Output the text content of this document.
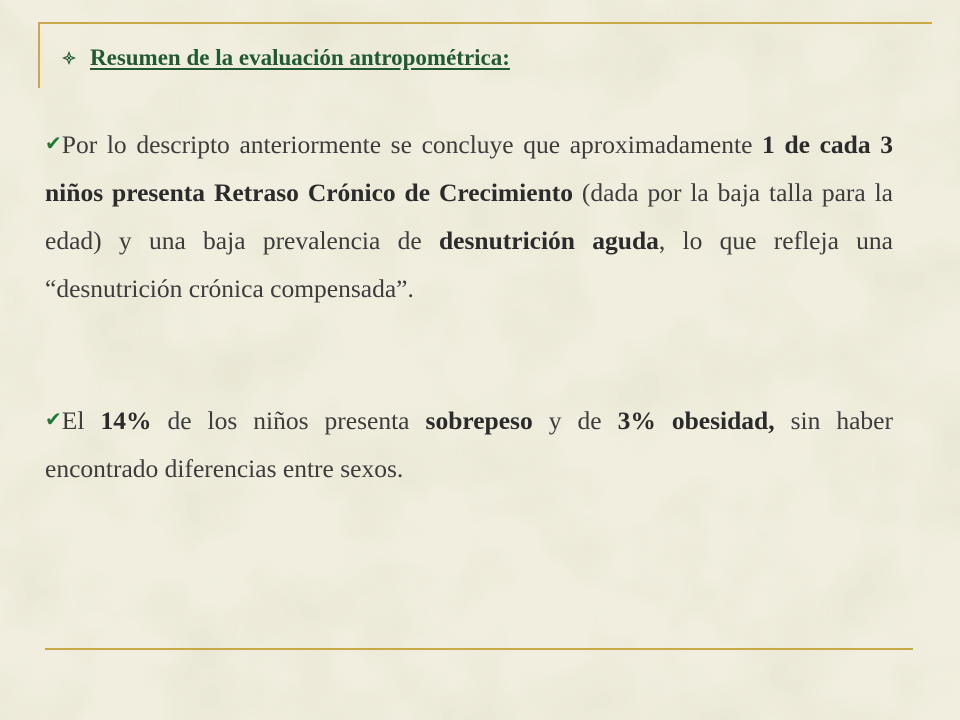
Resumen de la evaluación antropométrica:

✔Por lo descripto anteriormente se concluye que aproximadamente 1 de cada 3 niños presenta Retraso Crónico de Crecimiento (dada por la baja talla para la edad) y una baja prevalencia de desnutrición aguda, lo que refleja una “desnutrición crónica compensada”.

✔El 14% de los niños presenta sobrepeso y de 3% obesidad, sin haber encontrado diferencias entre sexos.
